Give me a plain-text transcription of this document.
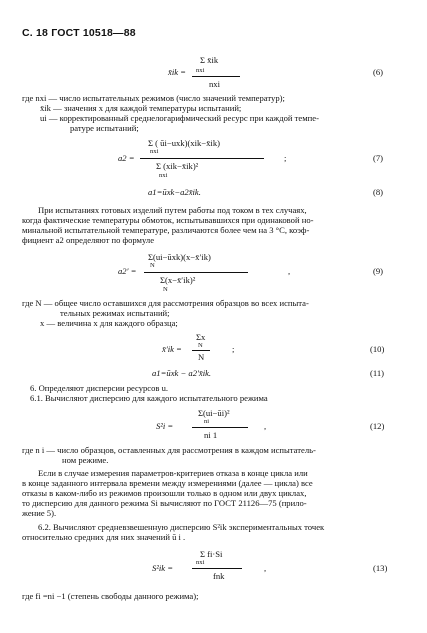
С. 18 ГОСТ 10518—88
Σ x̄ik
nxi
x̄ik =
nxi
(6)
где nxi — число испытательных режимов (число значений температур);
x̄ik — значения x для каждой температуры испытаний;
ui — корректированный среднелогарифмический ресурс при каждой темпе-
ратуре испытаний;
Σ ( ūi−uxk)(xik−x̄ik)
nxi
a2 =
Σ (xik−x̄ik)²
nxi
;	(7)
a1=ūxk−a2x̄ik.	(8)
При испытаниях готовых изделий путем работы под током в тех случаях,
когда фактические температуры обмоток, испытывавшихся при одинаковой но-
минальной испытательной температуре, различаются более чем на 3 °С, коэф-
фициент a2 определяют по формуле
Σ(ui−ūxk)(x−x̄′ik)
N
a2′ =
Σ(x−x̄′ik)²
N
,	(9)
где N — общее число оставшихся для рассмотрения образцов во всех испыта-
тельных режимах испытаний;
x — величина x для каждого образца;
Σx
N
x̄′ik =
N
;	(10)
a1=ūxk − a2′x̄ik.	(11)
6. Определяют дисперсии ресурсов u.
6.1. Вычисляют дисперсию для каждого испытательного режима
Σ(ui−ūi)²
ni
S²i =
ni 1
,	(12)
где n i — число образцов, оставленных для рассмотрения в каждом испытатель-
ном режиме.
Если в случае измерения параметров-критериев отказа в конце цикла или
в конце заданного интервала времени между измерениями (далее — цикла) все
отказы в каком-либо из режимов произошли только в одном или двух циклах,
то дисперсию для данного режима Si вычисляют по ГОСТ 21126—75 (прило-
жение 5).
6.2. Вычисляют средневзвешенную дисперсию S²ik экспериментальных точек
относительно средних для них значений ū i .
Σ fi·Si
nxi
S²ik =
fnk
,	(13)
где fi =ni −1 (степень свободы данного режима);
